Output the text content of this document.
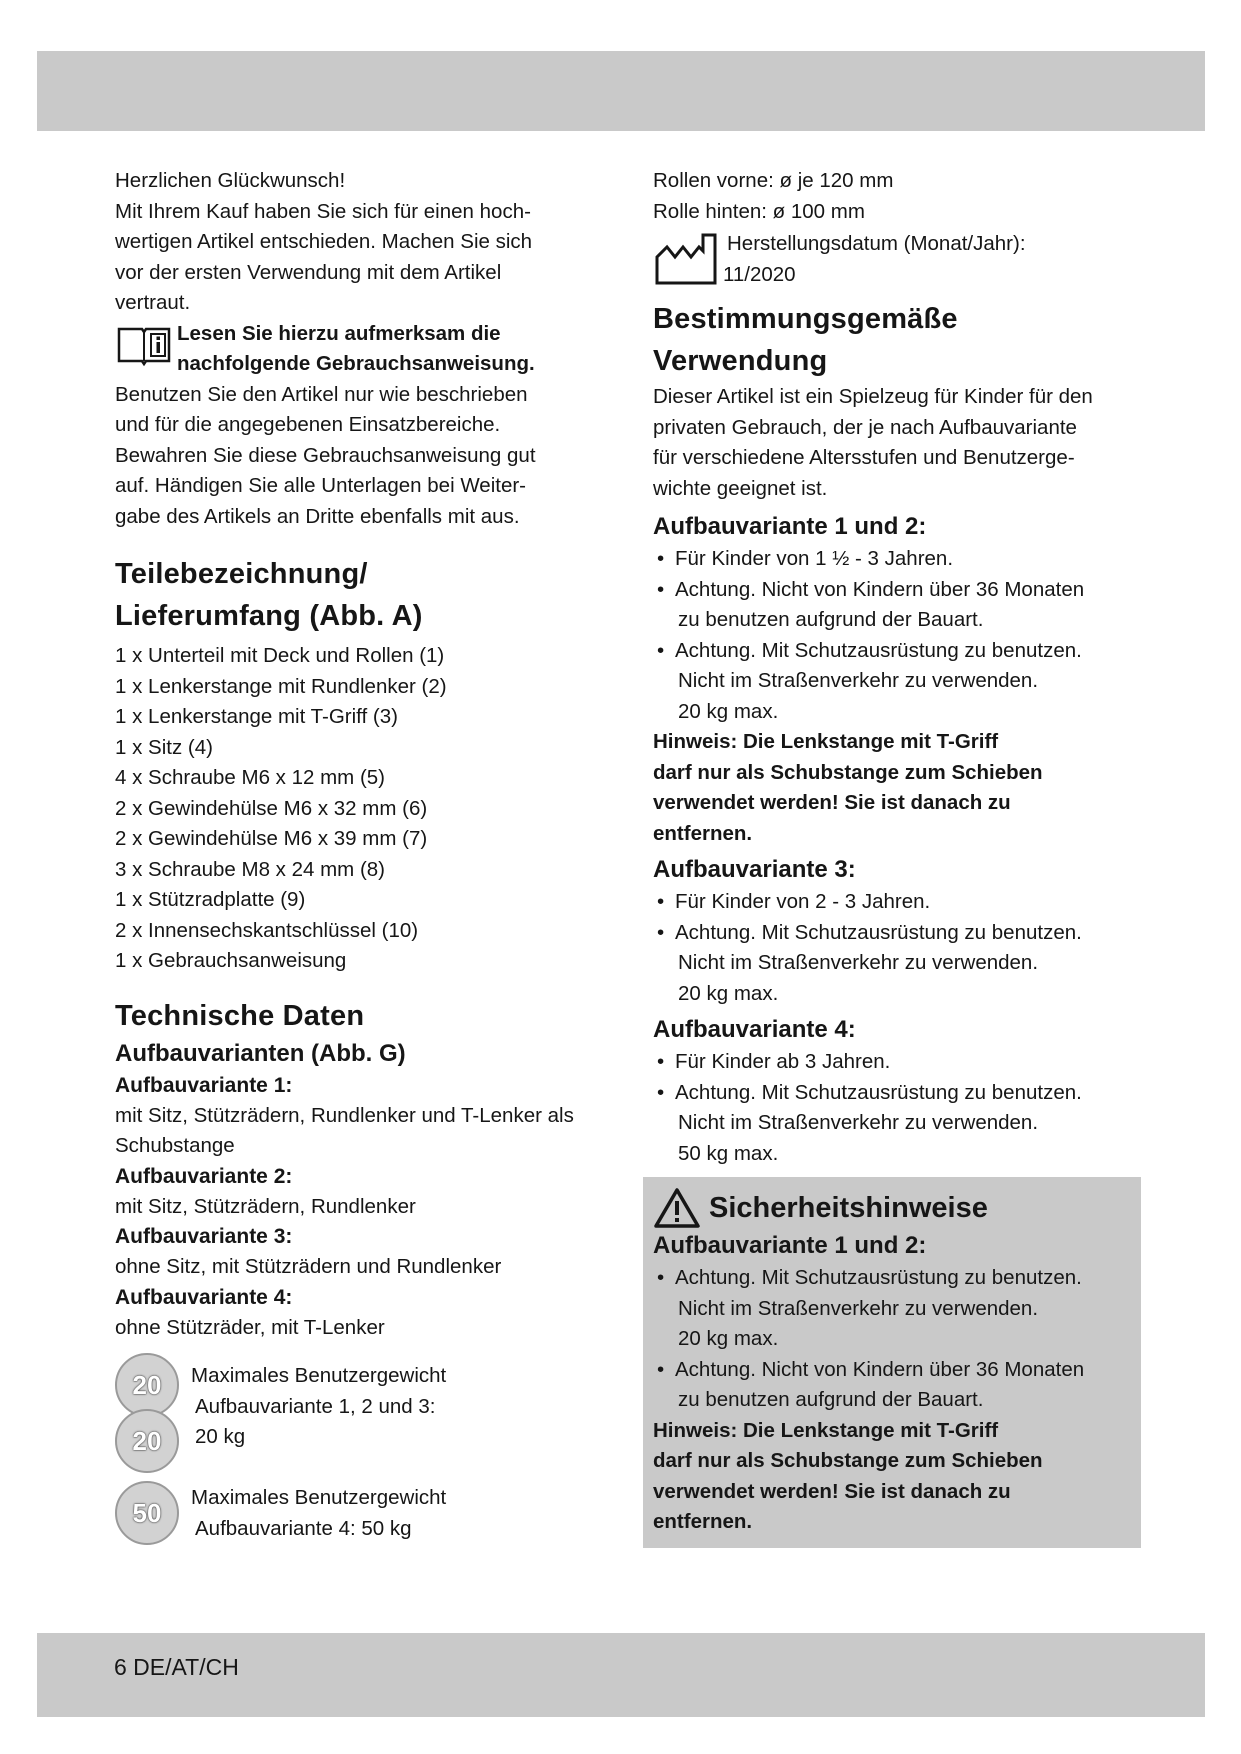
Herzlichen Glückwunsch!

Mit Ihrem Kauf haben Sie sich für einen hoch-

wertigen Artikel entschieden. Machen Sie sich

vor der ersten Verwendung mit dem Artikel

vertraut.

Lesen Sie hierzu aufmerksam die

nachfolgende Gebrauchsanweisung.

Benutzen Sie den Artikel nur wie beschrieben

und für die angegebenen Einsatzbereiche.

Bewahren Sie diese Gebrauchsanweisung gut

auf. Händigen Sie alle Unterlagen bei Weiter-

gabe des Artikels an Dritte ebenfalls mit aus.

Teilebezeichnung/

Lieferumfang (Abb. A)

1 x Unterteil mit Deck und Rollen (1)
1 x Lenkerstange mit Rundlenker (2)
1 x Lenkerstange mit T-Griff (3)
1 x Sitz (4)
4 x Schraube M6 x 12 mm (5)
2 x Gewindehülse M6 x 32 mm (6)
2 x Gewindehülse M6 x 39 mm (7)
3 x Schraube M8 x 24 mm (8)
1 x Stützradplatte (9)
2 x Innensechskantschlüssel (10)
1 x Gebrauchsanweisung

Technische Daten

Aufbauvarianten (Abb. G)

Aufbauvariante 1:

mit Sitz, Stützrädern, Rundlenker und T-Lenker als

Schubstange

Aufbauvariante 2:

mit Sitz, Stützrädern, Rundlenker

Aufbauvariante 3:

ohne Sitz, mit Stützrädern und Rundlenker

Aufbauvariante 4:

ohne Stützräder, mit T-Lenker

20
20

Maximales Benutzergewicht

Aufbauvariante 1, 2 und 3:

20 kg

50	Maximales Benutzergewicht

Aufbauvariante 4: 50 kg

Rollen vorne: ø je 120 mm

Rolle hinten: ø 100 mm

Herstellungsdatum (Monat/Jahr):

11/2020

Bestimmungsgemäße

Verwendung

Dieser Artikel ist ein Spielzeug für Kinder für den

privaten Gebrauch, der je nach Aufbauvariante

für verschiedene Altersstufen und Benutzerge-

wichte geeignet ist.

Aufbauvariante 1 und 2:

• Für Kinder von 1 ½ - 3 Jahren.
• Achtung. Nicht von Kindern über 36 Monaten
zu benutzen aufgrund der Bauart.
• Achtung. Mit Schutzausrüstung zu benutzen.
Nicht im Straßenverkehr zu verwenden.
20 kg max.

Hinweis: Die Lenkstange mit T-Griff

darf nur als Schubstange zum Schieben

verwendet werden! Sie ist danach zu

entfernen.

Aufbauvariante 3:

• Für Kinder von 2 - 3 Jahren.
• Achtung. Mit Schutzausrüstung zu benutzen.
Nicht im Straßenverkehr zu verwenden.
20 kg max.

Aufbauvariante 4:

• Für Kinder ab 3 Jahren.
• Achtung. Mit Schutzausrüstung zu benutzen.
Nicht im Straßenverkehr zu verwenden.
50 kg max.
Sicherheitshinweise

Aufbauvariante 1 und 2:

• Achtung. Mit Schutzausrüstung zu benutzen.
Nicht im Straßenverkehr zu verwenden.
20 kg max.
• Achtung. Nicht von Kindern über 36 Monaten
zu benutzen aufgrund der Bauart.

Hinweis: Die Lenkstange mit T-Griff

darf nur als Schubstange zum Schieben

verwendet werden! Sie ist danach zu

entfernen.

6 DE/AT/CH
